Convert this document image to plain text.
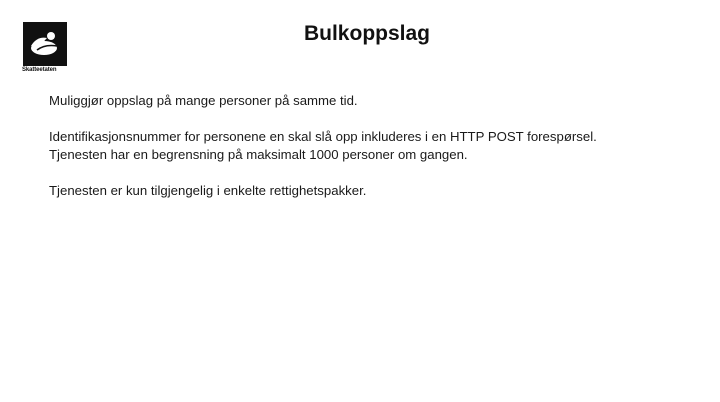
Skatteetaten
Bulkoppslag

Muliggjør oppslag på mange personer på samme tid.

Identifikasjonsnummer for personene en skal slå opp inkluderes i en HTTP POST forespørsel.

Tjenesten har en begrensning på maksimalt 1000 personer om gangen.

Tjenesten er kun tilgjengelig i enkelte rettighetspakker.
